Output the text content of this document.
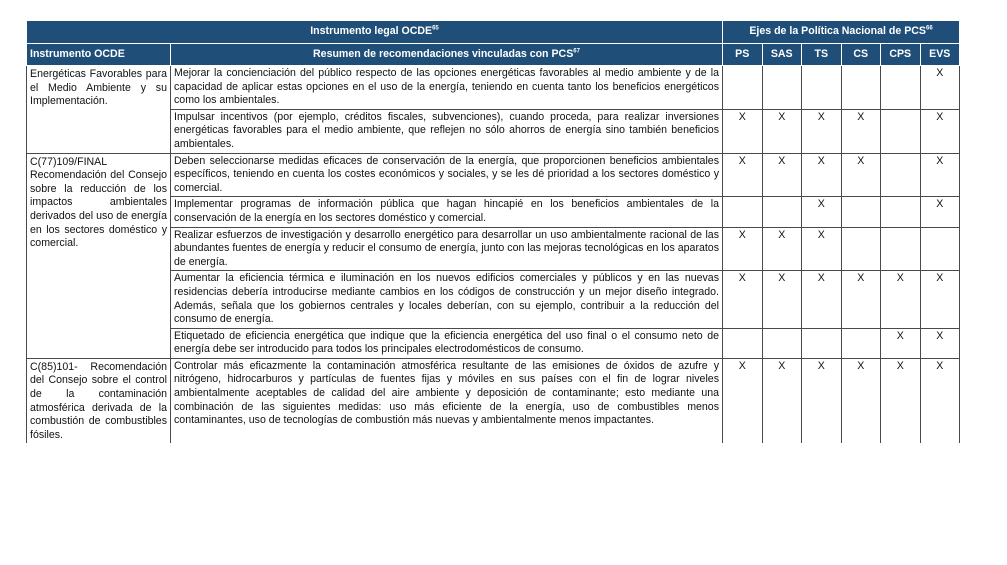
Instrumento legal OCDE$^{65}$		Ejes de la Política Nacional de PCS$^{66}$
Instrumento OCDE	Resumen de recomendaciones vinculadas con PCS$^{67}$	PS	SAS	TS	CS	CPS	EVS
Energéticas Favorables para el Medio Ambiente y su Implementación.	Mejorar la concienciación del público respecto de las opciones energéticas favorables al medio ambiente y de la capacidad de aplicar estas opciones en el uso de la energía, teniendo en cuenta tanto los beneficios energéticos como los ambientales.						X
	Impulsar incentivos (por ejemplo, créditos fiscales, subvenciones), cuando proceda, para realizar inversiones energéticas favorables para el medio ambiente, que reflejen no sólo ahorros de energía sino también beneficios ambientales.	X	X	X	X		X
C(77)109/FINAL Recomendación del Consejo sobre la reducción de los impactos ambientales derivados del uso de energía en los sectores doméstico y comercial.	Deben seleccionarse medidas eficaces de conservación de la energía, que proporcionen beneficios ambientales específicos, teniendo en cuenta los costes económicos y sociales, y se les dé prioridad a los sectores doméstico y comercial.	X	X	X	X		X
	Implementar programas de información pública que hagan hincapié en los beneficios ambientales de la conservación de la energía en los sectores doméstico y comercial.			X			X
	Realizar esfuerzos de investigación y desarrollo energético para desarrollar un uso ambientalmente racional de las abundantes fuentes de energía y reducir el consumo de energía, junto con las mejoras tecnológicas en los aparatos de energía.	X	X	X			
	Aumentar la eficiencia térmica e iluminación en los nuevos edificios comerciales y públicos y en las nuevas residencias debería introducirse mediante cambios en los códigos de construcción y un mejor diseño integrado. Además, señala que los gobiernos centrales y locales deberían, con su ejemplo, contribuir a la reducción del consumo de energía.	X	X	X	X	X	X
	Etiquetado de eficiencia energética que indique que la eficiencia energética del uso final o el consumo neto de energía debe ser introducido para todos los principales electrodomésticos de consumo.					X	X
C(85)101- Recomendación del Consejo sobre el control de la contaminación atmosférica derivada de la combustión de combustibles fósiles.	Controlar más eficazmente la contaminación atmosférica resultante de las emisiones de óxidos de azufre y nitrógeno, hidrocarburos y partículas de fuentes fijas y móviles en sus países con el fin de lograr niveles ambientalmente aceptables de calidad del aire ambiente y deposición de contaminante; esto mediante una combinación de las siguientes medidas: uso más eficiente de la energía, uso de combustibles menos contaminantes, uso de tecnologías de combustión más nuevas y ambientalmente menos impactantes.	X	X	X	X	X	X
